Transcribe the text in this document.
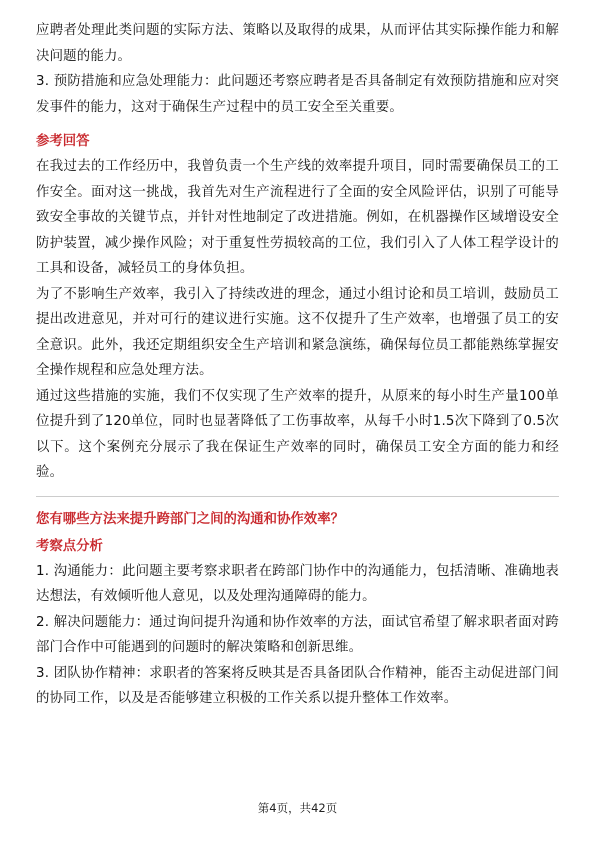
应聘者处理此类问题的实际方法、策略以及取得的成果，从而评估其实际操作能力和解决问题的能力。

3. 预防措施和应急处理能力：此问题还考察应聘者是否具备制定有效预防措施和应对突发事件的能力，这对于确保生产过程中的员工安全至关重要。

参考回答

在我过去的工作经历中，我曾负责一个生产线的效率提升项目，同时需要确保员工的工作安全。面对这一挑战，我首先对生产流程进行了全面的安全风险评估，识别了可能导致安全事故的关键节点，并针对性地制定了改进措施。例如，在机器操作区域增设安全防护装置，减少操作风险；对于重复性劳损较高的工位，我们引入了人体工程学设计的工具和设备，减轻员工的身体负担。

为了不影响生产效率，我引入了持续改进的理念，通过小组讨论和员工培训，鼓励员工提出改进意见，并对可行的建议进行实施。这不仅提升了生产效率，也增强了员工的安全意识。此外，我还定期组织安全生产培训和紧急演练，确保每位员工都能熟练掌握安全操作规程和应急处理方法。

通过这些措施的实施，我们不仅实现了生产效率的提升，从原来的每小时生产量100单位提升到了120单位，同时也显著降低了工伤事故率，从每千小时1.5次下降到了0.5次以下。这个案例充分展示了我在保证生产效率的同时，确保员工安全方面的能力和经验。

您有哪些方法来提升跨部门之间的沟通和协作效率？

考察点分析

1. 沟通能力：此问题主要考察求职者在跨部门协作中的沟通能力，包括清晰、准确地表达想法，有效倾听他人意见，以及处理沟通障碍的能力。

2. 解决问题能力：通过询问提升沟通和协作效率的方法，面试官希望了解求职者面对跨部门合作中可能遇到的问题时的解决策略和创新思维。

3. 团队协作精神：求职者的答案将反映其是否具备团队合作精神，能否主动促进部门间的协同工作，以及是否能够建立积极的工作关系以提升整体工作效率。

第4页，共42页
